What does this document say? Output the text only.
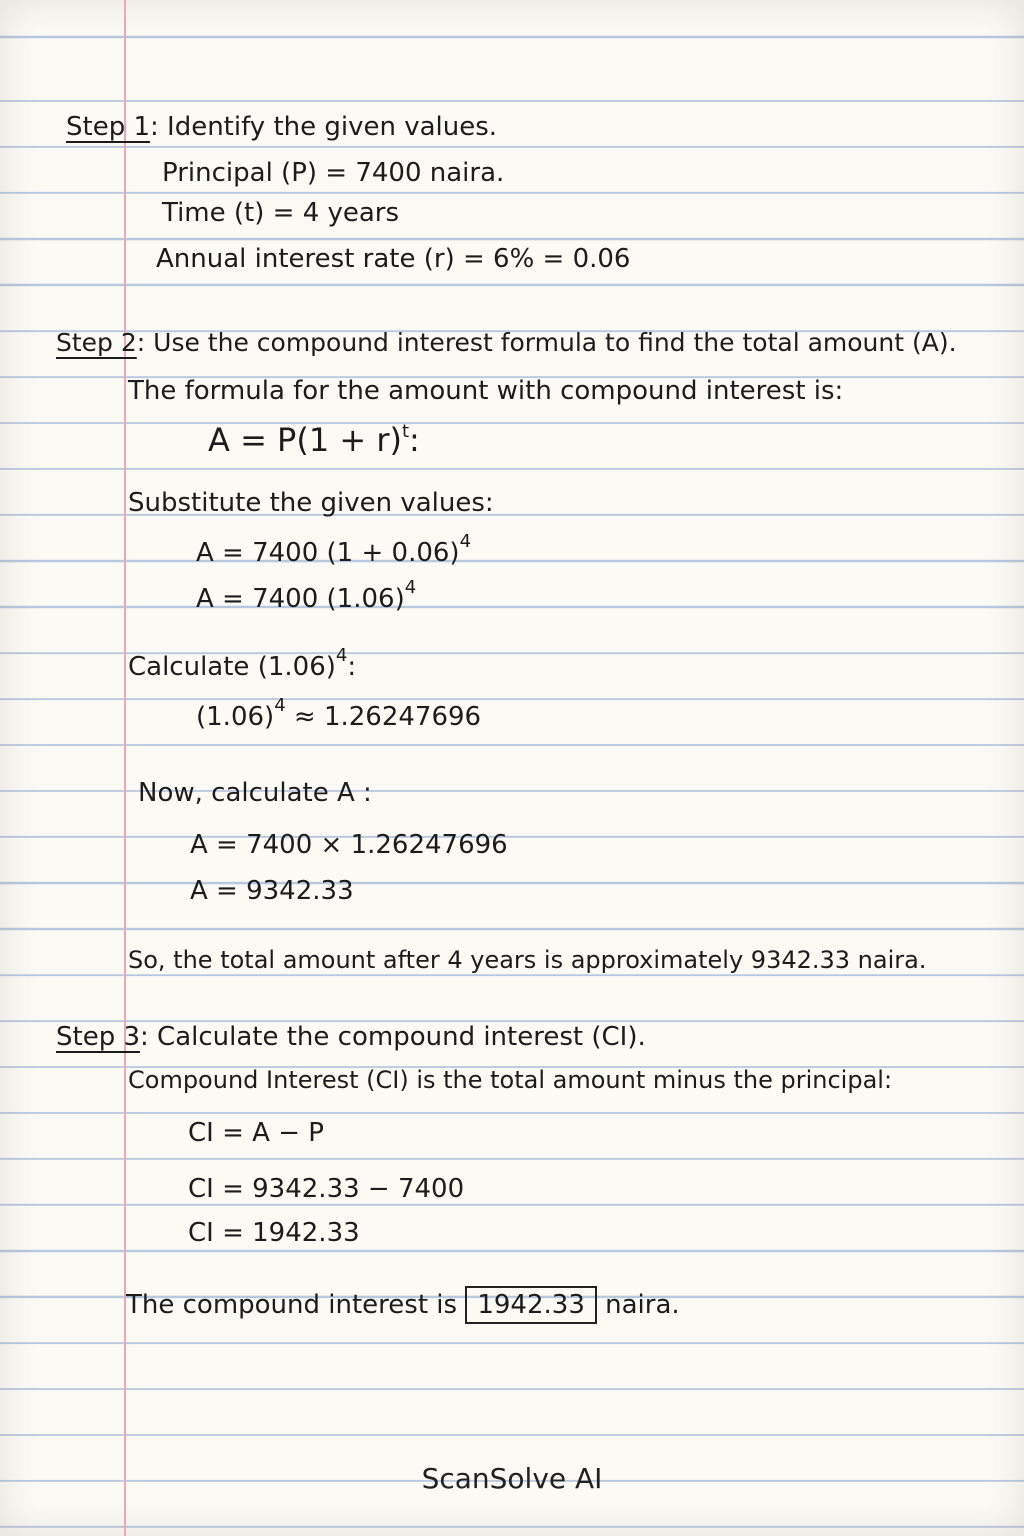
Step 1: Identify the given values.
Principal (P) = 7400 naira.
Time (t) = 4 years
Annual interest rate (r) = 6% = 0.06
Step 2: Use the compound interest formula to find the total amount (A).
The formula for the amount with compound interest is:
$A = P(1 + r)^t$:
Substitute the given values:
A = 7400 $(1 + 0.06)^4$
A = 7400 $(1.06)^4$
Calculate $(1.06)^4$:
$(1.06)^4 \approx 1.26247696$
Now, calculate A :
A = 7400 × 1.26247696
A = 9342.33
So, the total amount after 4 years is approximately 9342.33 naira.
Step 3: Calculate the compound interest (CI).
Compound Interest (CI) is the total amount minus the principal:
CI = A − P
CI = 9342.33 − 7400
CI = 1942.33
The compound interest is 1942.33 naira.
ScanSolve AI
